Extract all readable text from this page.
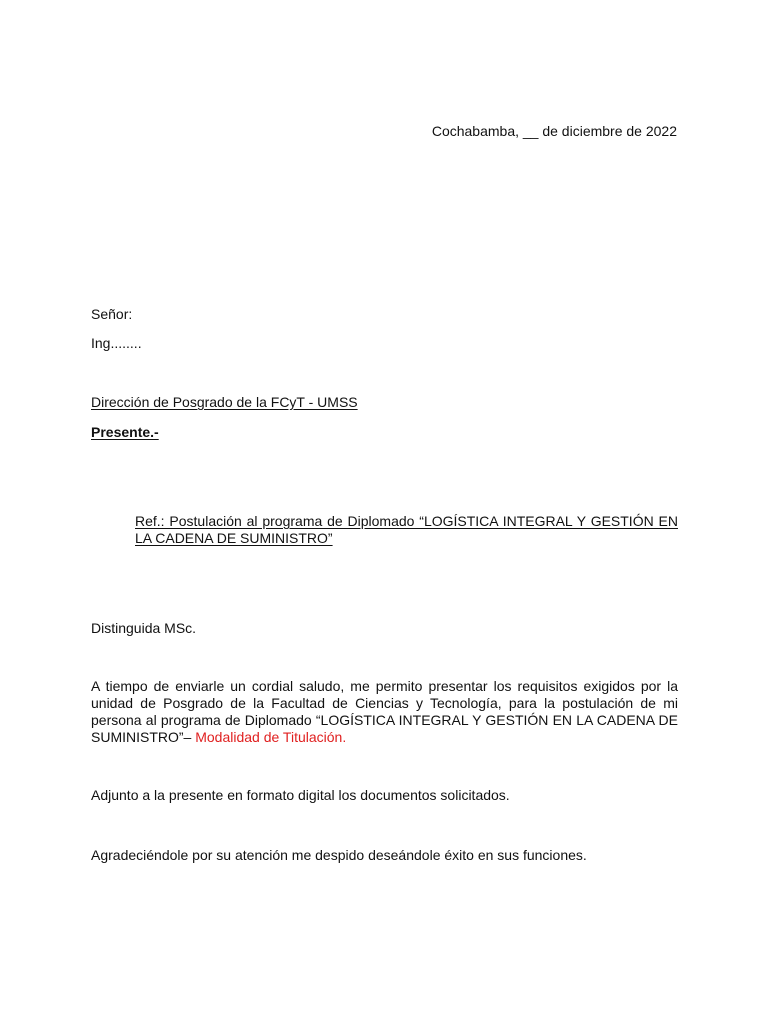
Cochabamba, __ de diciembre de 2022
Señor:
Ing........
Dirección de Posgrado de la FCyT - UMSS
Presente.-
Ref.: Postulación al programa de Diplomado “LOGÍSTICA INTEGRAL Y GESTIÓN EN LA CADENA DE SUMINISTRO”
Distinguida MSc.
A tiempo de enviarle un cordial saludo, me permito presentar los requisitos exigidos por la unidad de Posgrado de la Facultad de Ciencias y Tecnología, para la postulación de mi persona al programa de Diplomado “LOGÍSTICA INTEGRAL Y GESTIÓN EN LA CADENA DE SUMINISTRO”– Modalidad de Titulación.
Adjunto a la presente en formato digital los documentos solicitados.
Agradeciéndole por su atención me despido deseándole éxito en sus funciones.
